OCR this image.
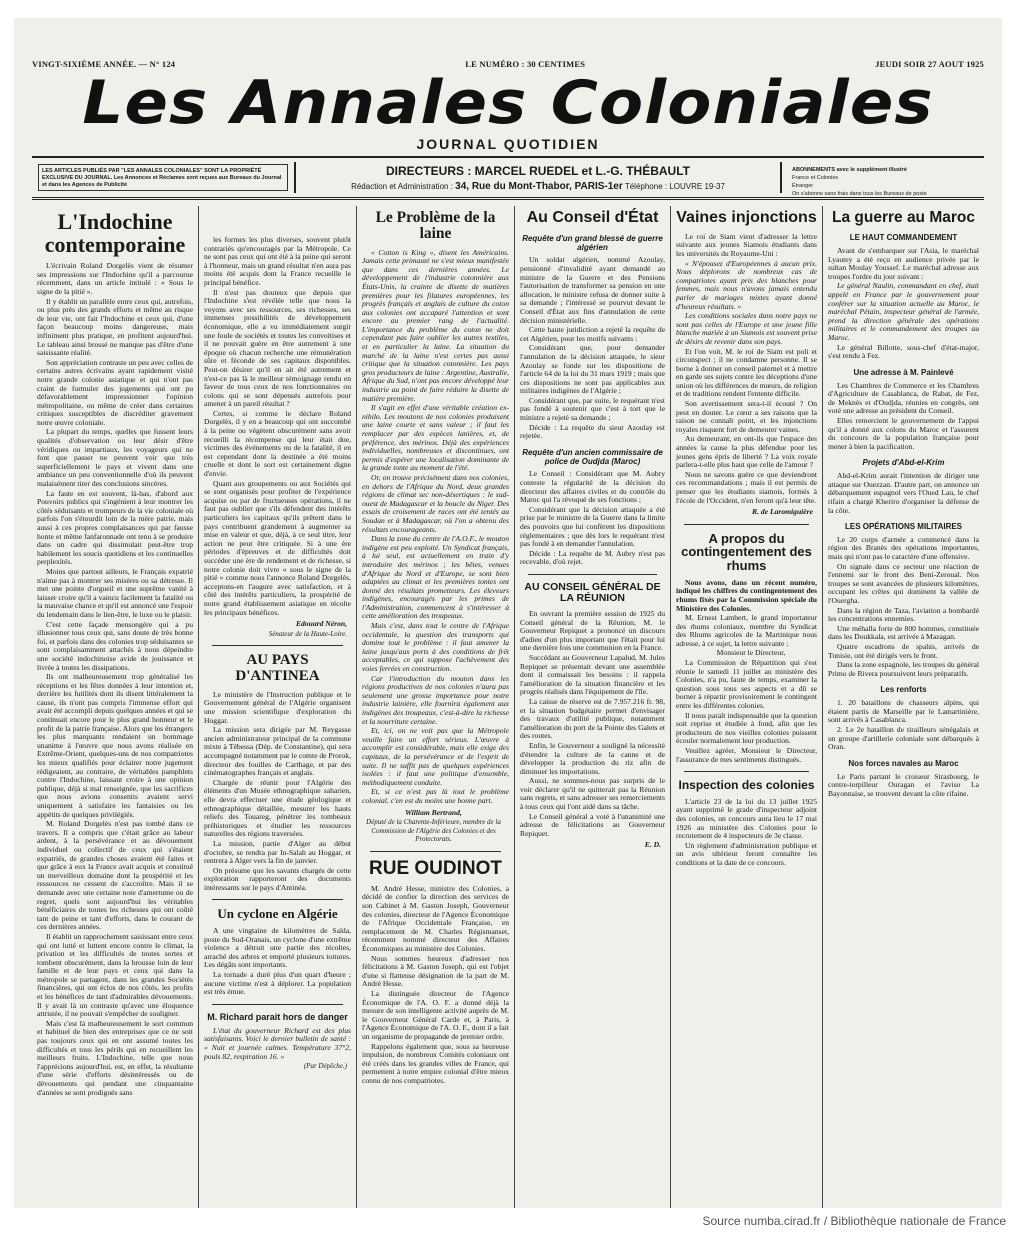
VINGT-SIXIÈME ANNÉE. — N° 124	LE NUMÉRO : 30 CENTIMES	JEUDI SOIR 27 AOUT 1925
Les Annales Coloniales
JOURNAL QUOTIDIEN
LES ARTICLES PUBLIÉS PAR "LES ANNALES COLONIALES" SONT LA PROPRIÉTÉ EXCLUSIVE DU JOURNAL. Les Annonces et Réclames sont reçues aux Bureaux du Journal et dans les Agences de Publicité
DIRECTEURS : MARCEL RUEDEL et L.-G. THÉBAULT
Rédaction et Administration : 34, Rue du Mont-Thabor, PARIS-1er Téléphone : LOUVRE 19-37
ABONNEMENTS avec le supplément illustré
France et Colonies
Étranger
On s'abonne sans frais dans tous les Bureaux de poste
L'Indochine contemporaine

L'écrivain Roland Dorgelès vient de résumer ses impressions sur l'Indochine qu'il a parcourue récemment, dans un article intitulé : « Sous le signe de la pitié ».

Il y établit un parallèle entre ceux qui, autrefois, ou plus près des grands efforts et même au risque de leur vie, ont fait l'Indochine et ceux qui, d'une façon beaucoup moins dangereuse, mais infiniment plus pratique, en profitent aujourd'hui. Le tableau ainsi brossé ne manque pas d'être d'une saisissante réalité.

Son appréciation contraste un peu avec celles de certains autres écrivains ayant rapidement visité notre grande colonie asiatique et qui n'ont pas craint de formuler des jugements qui ont pu défavorablement impressionner l'opinion métropolitaine, ou même de créer dans certaines critiques susceptibles de discréditer gravement notre œuvre coloniale.

La plupart du temps, quelles que fussent leurs qualités d'observation ou leur désir d'être véridiques ou impartiaux, les voyageurs qui ne font que passer ne peuvent voir que très superficiellement le pays et vivent dans une ambiance un peu conventionnelle d'où ils peuvent malaisément tirer des conclusions sincères.

La faute en est souvent, là-bas, d'abord aux Pouvoirs publics qui s'ingénient à leur montrer les côtés séduisants et trompeurs de la vie coloniale où parfois l'on s'étourdit loin de la mère patrie, mais aussi à ces propres complaisances qui par fausse honte et même fanfaronnade ont tenu à se produire dans un cadre qui dissimulait peut-être trop habilement les soucis quotidiens et les continuelles perplexités.

Moins que partout ailleurs, le Français expatrié n'aime pas à montrer ses misères ou sa détresse. Il met une pointe d'orgueil et une suprême vanité à laisser croire qu'il a vaincu facilement la fatalité ou la mauvaise chance et qu'il est annoncé une l'espoir du lendemain dans le lien-être, le luxe ou le plaisir.

C'est cette façade mensongère qui a pu illusionner tous ceux qui, sans doute de très bonne foi, et parfois dans des colonies trop séduisantes se sont complaisamment attachés à nous dépeindre une société indochinoise avide de jouissance et livrée à toutes les dissipations.

Ils ont malheureusement trop généralisé les réceptions et les fêtes données à leur intention et, derrière les futilités dont ils disent littéralement la cause, ils n'ont pas compris l'immense effort qui avait été accompli depuis quelques années et qui se continuait encore pour le plus grand honneur et le profit de la patrie française. Alors que les étrangers les plus marquants rendaient un hommage unanime à l'œuvre que nous avons réalisée en Extrême-Orient, quelques-uns de nos compatriotes les mieux qualifiés pour éclairer notre jugement rédigeaient, au contraire, de véritables pamphlets contre l'Indochine, laissant croire à une opinion publique, déjà si mal renseignée, que les sacrifices que nous avions consentis avaient servi uniquement à satisfaire les fantaisies ou les appétits de quelques privilégiés.

M. Roland Dorgelès n'est pas tombé dans ce travers. Il a compris que c'était grâce au labeur ardent, à la persévérance et au dévouement individuel ou collectif de ceux qui s'étaient expatriés, de grandes choses avaient été faites et que grâce à eux la France avait acquis et constitué un merveilleux domaine dont la prospérité et les ressources ne cessent de s'accroître. Mais il se demande avec une certaine note d'amertume ou de regret, quels sont aujourd'hui les véritables bénéficiaires de toutes les richesses qui ont coûté tant de peine et tant d'efforts, dans le courant de ces dernières années.

Il établit un rapprochement saisissant entre ceux qui ont lutté et luttent encore contre le climat, la privation et les difficultés de toutes sortes et tombent obscurément, dans la brousse loin de leur famille et de leur pays et ceux qui dans la métropole se partagent, dans les grandes Sociétés financières, qui ont éclos de nos côtés, les profits et les bénéfices de tant d'admirables dévouements. Il y avait là un contraste qu'avec une éloquence attristée, il ne pouvait s'empêcher de souligner.

Mais c'est là malheureusement le sort commun et habituel de bien des entreprises que ce ne soit pas toujours ceux qui en ont assumé toutes les difficultés et tous les périls qui en recueillent les meilleurs fruits. L'Indochine, telle que nous l'apprécions aujourd'hui, est, en effet, la résultante d'une série d'efforts désintéressés ou de dévouements qui pendant une cinquantaine d'années se sont prodigués sans

les formes les plus diverses, souvent plutôt contrariés qu'encouragés par la Métropole. Ce ne sont pas ceux qui ont été à la peine qui seront à l'honneur, mais un grand résultat n'en aura pas moins été acquis dont la France recueille le principal bénéfice.

Il n'est pas douteux que depuis que l'Indochine s'est révélée telle que nous la voyons avec ses ressources, ses richesses, ses immenses possibilités de développement économique, elle a vu immédiatement surgir une foule de sociétés et toutes les convoitises et il ne pouvait guère en être autrement à une époque où chacun recherche une rémunération sûre et féconde de ses capitaux disponibles. Peut-on désirer qu'il en ait été autrement et n'est-ce pas là le meilleur témoignage rendu en faveur de tous ceux de nos fonctionnaires ou colons qui se sont dépensés autrefois pour amener à un pareil résultat ?

Certes, si comme le déclare Roland Dorgelès, il y en a beaucoup qui ont succombé à la peine ou végètent obscurément sans avoir recueilli la récompense qui leur était due, victimes des événements ou de la fatalité, il en est cependant dont la destinée a été moins cruelle et dont le sort est certainement digne d'envie.

Quant aux groupements ou aux Sociétés qui se sont organisés pour profiter de l'expérience acquise ou par de fructueuses opérations, il ne faut pas oublier que s'ils défendent des intérêts particuliers les capitaux qu'ils prêtent dans le pays contribuent grandement à augmenter sa mise en valeur et que, déjà, à ce seul titre, leur action ne peut être critiquée. Si à une ère périodes d'épreuves et de difficultés doit succéder une ère de rendement et de richesse, si notre colonie doit vivre « sous le signe de la pitié » comme nous l'annonce Roland Dorgelès, acceptons-en l'augure avec satisfaction, et à côté des intérêts particuliers, la prospérité de notre grand établissement asiatique en récolte les principaux bénéfices.

Edouard Néron,
Sénateur de la Haute-Loire.
AU PAYS D'ANTINEA

Le ministère de l'Instruction publique et le Gouvernement général de l'Algérie organisent une mission scientifique d'exploration du Hoggar.

La mission sera dirigée par M. Reygasse ancien administrateur principal de la commune mixte à Tébessa (Dép. de Constantine), qui sera accompagné notamment par le comte de Prorok, directeur des fouilles de Carthage, et par des cinématographes français et anglais.

Chargée de réunir pour l'Algérie des éléments d'un Musée ethnographique saharien, elle devra effectuer une étude géologique et ethnographique détaillée, mesurer les hauts reliefs des Touareg, pénétrer les tombeaux préhistoriques et étudier les ressources naturelles des régions traversées.

La mission, partie d'Alger au début d'octobre, se rendra par In-Salah au Hoggar, et rentrera à Alger vers la fin de janvier.

On présume que les savants chargés de cette exploration rapporteront des documents intéressants sur le pays d'Antinéa.

Un cyclone en Algérie

A une vingtaine de kilomètres de Saïda, poste du Sud-Oranais, un cyclone d'une extrême violence a détruit une partie des récoltes, arraché des arbres et emporté plusieurs toitures. Les dégâts sont importants.

La tornade a duré plus d'un quart d'heure ; aucune victime n'est à déplorer. La population est très émue.

M. Richard parait hors de danger

L'état du gouverneur Richard est des plus satisfaisants. Voici le dernier bulletin de santé : « Nuit et journée calmes. Température 37°2, pouls 82, respiration 16. »

(Par Dépêche.)
Le Problème de la laine

« Cotton is King », disent les Américains. Jamais cette primauté ne s'est mieux manifestée que dans ces dernières années. Le développement de l'industrie cotonnière aux États-Unis, la crainte de disette de matières premières pour les filatures européennes, les progrès français et anglais de culture du coton aux colonies ont accaparé l'attention et sont encore au premier rang de l'actualité. L'importance du problème du coton ne doit cependant pas faire oublier les autres textiles, et en particulier la laine. La situation du marché de la laine n'est certes pas aussi critique que la situation cotonnière. Les pays gros producteurs de laine : Argentine, Australie, Afrique du Sud, n'ont pas encore développé leur industrie au point de faire réduire la disette de matière première.

Il s'agit en effet d'une véritable création ex-nihilo. Les moutons de nos colonies produisent une laine courte et sans valeur ; il faut les remplacer par des espèces lanières, et, de préférence, des mérinos. Déjà des expériences individuelles, nombreuses et discontinues, ont permis d'espérer une localisation dominante de la grande tonte au moment de l'été.

Or, on trouve précisément dans nos colonies, en dehors de l'Afrique du Nord, deux grandes régions de climat sec non-désertiques : le sud-ouest de Madagascar et la boucle du Niger. Des essais de croisement de races ont été tentés au Soudan et à Madagascar, où l'on a obtenu des résultats encourageants.

Dans la zone du centre de l'A.O.F., le mouton indigène est peu exploité. Un Syndicat français, à lui seul, est actuellement en train d'y introduire des mérinos ; les bêtes, venues d'Afrique du Nord et d'Europe, se sont bien adaptées au climat et les premières tontes ont donné des résultats prometteurs. Les éleveurs indigènes, encouragés par les primes de l'Administration, commencent à s'intéresser à cette amélioration des troupeaux.

Mais c'est, dans tout le centre de l'Afrique occidentale, la question des transports qui domine tout le problème : il faut amener la laine jusqu'aux ports à des conditions de frêt acceptables, ce qui suppose l'achèvement des voies ferrées en construction.

Car l'introduction du mouton dans les régions productives de nos colonies n'aura pas seulement une grosse importance pour notre industrie lainière, elle fournira également aux indigènes des troupeaux, c'est-à-dire la richesse et la nourriture certaine.

Et, ici, on ne voit pas que la Métropole veuille faire un effort sérieux. L'œuvre à accomplir est considérable, mais elle exige des capitaux, de la persévérance et de l'esprit de suite. Il ne suffit pas de quelques expériences isolées : il faut une politique d'ensemble, méthodiquement conduite.

Et, si ce n'est pas là tout le problème colonial, c'en est du moins une bonne part.

William Bertrand,
Député de la Charente-Inférieure, membre de la Commission de l'Algérie des Colonies et des Protectorats.
RUE OUDINOT

M. André Hesse, ministre des Colonies, a décidé de confier la direction des services de son Cabinet à M. Gaston Joseph, Gouverneur des colonies, directeur de l'Agence Économique de l'Afrique Occidentale Française, en remplacement de M. Charles Régismanset, récemment nommé directeur des Affaires Économiques au ministère des Colonies.

Nous sommes heureux d'adresser nos félicitations à M. Gaston Joseph, qui est l'objet d'une si flatteuse désignation de la part de M. André Hesse.

La distinguée directeur de l'Agence Économique de l'A. O. F. a donné déjà la mesure de son intelligente activité auprès de M. le Gouverneur Général Carde et, à Paris, à l'Agence Économique de l'A. O. F., dont il a fait un organisme de propagande de premier ordre.

Rappelons également que, sous sa heureuse impulsion, de nombreux Comités coloniaux ont été créés dans les grandes villes de France, qui permettent à notre empire colonial d'être mieux connu de nos compatriotes.

Au Conseil d'État
Requête d'un grand blessé de guerre algérien

Un soldat algérien, nommé Azoulay, pensionné d'invalidité ayant demandé au ministre de la Guerre et des Pensions l'autorisation de transformer sa pension en une allocation, le ministre refusa de donner suite à sa demande ; l'intéressé se pourvut devant le Conseil d'État aux fins d'annulation de cette décision ministérielle.

Cette haute juridiction a rejeté la requête de cet Algérien, pour les motifs suivants :

Considérant que, pour demander l'annulation de la décision attaquée, le sieur Azoulay se fonde sur les dispositions de l'article 64 de la loi du 31 mars 1919 ; mais que ces dispositions ne sont pas applicables aux militaires indigènes de l'Algérie ;

Considérant que, par suite, le requérant n'est pas fondé à soutenir que c'est à tort que le ministre a rejeté sa demande ;

Décide : La requête du sieur Azoulay est rejetée.

Requête d'un ancien commissaire de police de Oudjda (Maroc)

Le Conseil : Considérant que M. Aubry conteste la régularité de la décision du directeur des affaires civiles et du contrôle du Maroc qui l'a révoqué de ses fonctions ;

Considérant que la décision attaquée a été prise par le ministre de la Guerre dans la limite des pouvoirs que lui confèrent les dispositions réglementaires ; que dès lors le requérant n'est pas fondé à en demander l'annulation.

Décide : La requête de M. Aubry n'est pas recevable, d'où rejet.

AU CONSEIL GÉNÉRAL DE LA RÉUNION

En ouvrant la première session de 1925 du Conseil général de la Réunion, M. le Gouverneur Repiquet a prononcé un discours d'adieu d'un plus important que l'était pour lui une dernière fois une communion en la France.

Succédant au Gouverneur Lapalud, M. Jules Repiquet se présentait devant une assemblée dont il connaissait les besoins : il rappela l'amélioration de la situation financière et les progrès réalisés dans l'équipement de l'île.

La caisse de réserve est de 7.957.216 fr. 98, et la situation budgétaire permet d'envisager des travaux d'utilité publique, notamment l'amélioration du port de la Pointe des Galets et des routes.

Enfin, le Gouverneur a souligné la nécessité d'étendre la culture de la canne et de développer la production du riz afin de diminuer les importations.

Aussi, ne sommes-nous pas surpris de le voir déclarer qu'il ne quitterait pas la Réunion sans regrets, et sans adresser ses remerciements à tous ceux qui l'ont aidé dans sa tâche.

Le Conseil général a voté à l'unanimité une adresse de félicitations au Gouverneur Repiquet.

E. D.
Vaines injonctions

Le roi de Siam vient d'adresser la lettre suivante aux jeunes Siamois étudiants dans les universités du Royaume-Uni :

« N'épousez d'Européennes à aucun prix. Nous déplorons de nombreux cas de compatriotes ayant pris des blanches pour femmes, mais nous n'avons jamais entendu parler de mariages mixtes ayant donné d'heureux résultats. »

Les conditions sociales dans notre pays ne sont pas celles de l'Europe et une jeune fille blanche mariée à un Siamois est souvent prise de désirs de revenir dans son pays.

Et l'on voit, M. le roi de Siam est poli et circonspect ; il ne condamne personne. Il se borne à donner un conseil paternel et à mettre en garde ses sujets contre les déceptions d'une union où les différences de mœurs, de religion et de traditions rendent l'entente difficile.

Son avertissement sera-t-il écouté ? On peut en douter. Le cœur a ses raisons que la raison ne connaît point, et les injonctions royales risquent fort de demeurer vaines.

Au demeurant, en ont-ils que l'espace des années la cause la plus défendue pour les jeunes gens épris de liberté ? La voix royale parlera-t-elle plus haut que celle de l'amour ?

Nous ne savons guère ce que deviendront ces recommandations ; mais il est permis de penser que les étudiants siamois, formés à l'école de l'Occident, n'en feront qu'à leur tête.

R. de Laromiguière
A propos du contingentement des rhums

Nous avons, dans un récent numéro, indiqué les chiffres du contingentement des rhums fixés par la Commission spéciale du Ministère des Colonies.

M. Ernest Lambert, le grand importateur des rhums coloniaux, membre du Syndicat des Rhums agricoles de la Martinique nous adresse, à ce sujet, la lettre suivante :

Monsieur le Directeur,

La Commission de Répartition qui s'est réunie le samedi 11 juillet au ministère des Colonies, n'a pu, faute de temps, examiner la question sous tous ses aspects et a dû se borner à répartir provisoirement le contingent entre les différentes colonies.

Il nous paraît indispensable que la question soit reprise et étudiée à fond, afin que les producteurs de nos vieilles colonies puissent écouler normalement leur production.

Veuillez agréer, Monsieur le Directeur, l'assurance de mes sentiments distingués.

Inspection des colonies

L'article 23 de la loi du 13 juillet 1925 ayant supprimé le grade d'inspecteur adjoint des colonies, un concours aura lieu le 17 mai 1926 au ministère des Colonies pour le recrutement de 4 inspecteurs de 3e classe.

Un règlement d'administration publique et un avis ultérieur feront connaître les conditions et la date de ce concours.

La guerre au Maroc
LE HAUT COMMANDEMENT

Avant de s'embarquer sur l'Asia, le maréchal Lyautey a été reçu en audience privée par le sultan Moulay Youssef. Le maréchal adresse aux troupes l'ordre du jour suivant :

Le général Naulin, commandant en chef, était appelé en France par le gouvernement pour conférer sur la situation actuelle au Maroc, le maréchal Pétain, inspecteur général de l'armée, prend la direction générale des opérations militaires et le commandement des troupes au Maroc.

Le général Billotte, sous-chef d'état-major, s'est rendu à Fez.

Une adresse à M. Painlevé

Les Chambres de Commerce et les Chambres d'Agriculture de Casablanca, de Rabat, de Fez, de Meknès et d'Oudjda, réunies en congrès, ont voté une adresse au président du Conseil.

Elles remercient le gouvernement de l'appui qu'il a donné aux colons du Maroc et l'assurent du concours de la population française pour mener à bien la pacification.

Projets d'Abd-el-Krim

Abd-el-Krim aurait l'intention de diriger une attaque sur Ouezzan. D'autre part, on annonce un débarquement espagnol vers l'Oued Lau, le chef rifain a chargé Kheriro d'organiser la défense de la côte.

LES OPÉRATIONS MILITAIRES

Le 20 corps d'armée a commencé dans la région des Branès des opérations importantes, mais qui n'ont pas le caractère d'une offensive.

On signale dans ce secteur une réaction de l'ennemi sur le front des Beni-Zeroual. Nos troupes se sont avancées de plusieurs kilomètres, occupant les crêtes qui dominent la vallée de l'Ouergha.

Dans la région de Taza, l'aviation a bombardé les concentrations ennemies.

Une méhalla forte de 800 hommes, constituée dans les Doukkala, est arrivée à Mazagan.

Quatre escadrons de spahis, arrivés de Tunisie, ont été dirigés vers le front.

Dans la zone espagnole, les troupes du général Primo de Rivera poursuivent leurs préparatifs.

Les renforts

1. 20 bataillons de chasseurs alpins, qui étaient partis de Marseille par le Lamartinière, sont arrivés à Casablanca.

2. Le 2e bataillon de tirailleurs sénégalais et un groupe d'artillerie coloniale sont débarqués à Oran.

Nos forces navales au Maroc

Le Paris partant le croiseur Strasbourg, le contre-torpilleur Ouragan et l'aviso La Bayonnaise, se trouvent devant la côte rifaine.

Source numba.cirad.fr / Bibliothèque nationale de France
